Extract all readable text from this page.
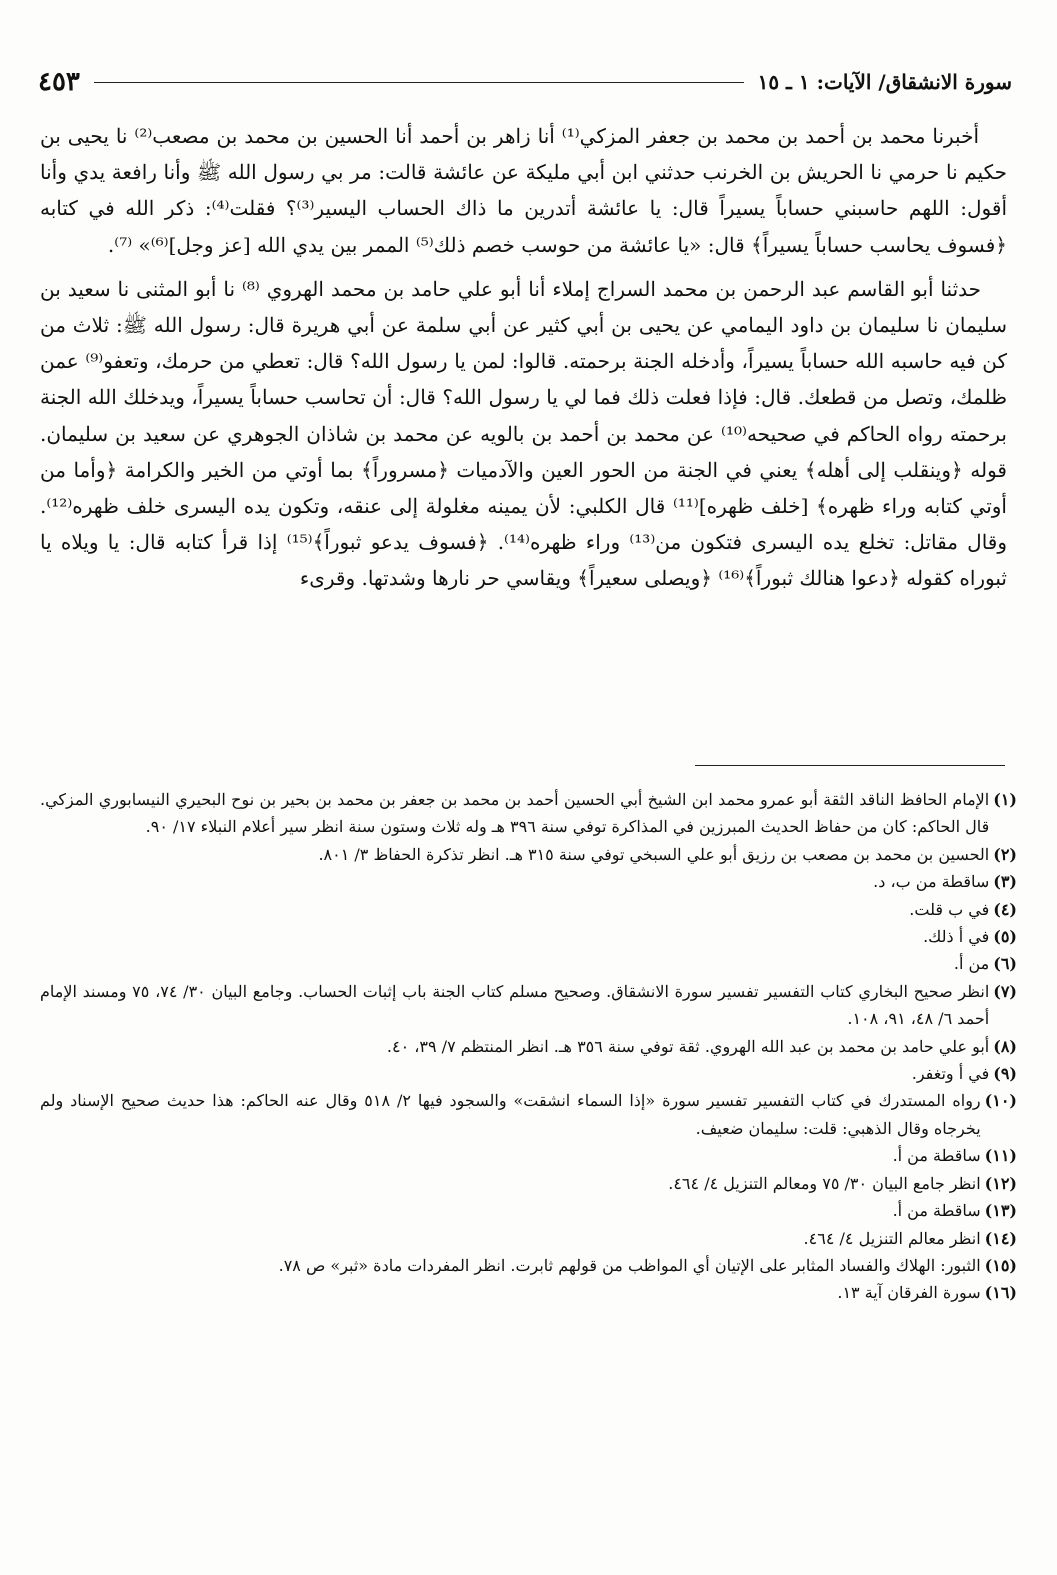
سورة الانشقاق/ الآيات: ١ ـ ١٥
٤٥٣

أخبرنا محمد بن أحمد بن محمد بن جعفر المزكي⁽¹⁾ أنا زاهر بن أحمد أنا الحسين بن محمد بن مصعب⁽²⁾ نا يحيى بن حكيم نا حرمي نا الحريش بن الخرنب حدثني ابن أبي مليكة عن عائشة قالت: مر بي رسول الله ﷺ وأنا رافعة يدي وأنا أقول: اللهم حاسبني حساباً يسيراً قال: يا عائشة أتدرين ما ذاك الحساب اليسير⁽³⁾؟ فقلت⁽⁴⁾: ذكر الله في كتابه ﴿فسوف يحاسب حساباً يسيراً﴾ قال: «يا عائشة من حوسب خصم ذلك⁽⁵⁾ الممر بين يدي الله [عز وجل]⁽⁶⁾» ⁽⁷⁾.

حدثنا أبو القاسم عبد الرحمن بن محمد السراج إملاء أنا أبو علي حامد بن محمد الهروي ⁽⁸⁾ نا أبو المثنى نا سعيد بن سليمان نا سليمان بن داود اليمامي عن يحيى بن أبي كثير عن أبي سلمة عن أبي هريرة قال: رسول الله ﷺ: ثلاث من كن فيه حاسبه الله حساباً يسيراً، وأدخله الجنة برحمته. قالوا: لمن يا رسول الله؟ قال: تعطي من حرمك، وتعفو⁽⁹⁾ عمن ظلمك، وتصل من قطعك. قال: فإذا فعلت ذلك فما لي يا رسول الله؟ قال: أن تحاسب حساباً يسيراً، ويدخلك الله الجنة برحمته رواه الحاكم في صحيحه⁽¹⁰⁾ عن محمد بن أحمد بن بالويه عن محمد بن شاذان الجوهري عن سعيد بن سليمان. قوله ﴿وينقلب إلى أهله﴾ يعني في الجنة من الحور العين والآدميات ﴿مسروراً﴾ بما أوتي من الخير والكرامة ﴿وأما من أوتي كتابه وراء ظهره﴾ [خلف ظهره]⁽¹¹⁾ قال الكلبي: لأن يمينه مغلولة إلى عنقه، وتكون يده اليسرى خلف ظهره⁽¹²⁾. وقال مقاتل: تخلع يده اليسرى فتكون من⁽¹³⁾ وراء ظهره⁽¹⁴⁾. ﴿فسوف يدعو ثبوراً﴾⁽¹⁵⁾ إذا قرأ كتابه قال: يا ويلاه يا ثبوراه كقوله ﴿دعوا هنالك ثبوراً﴾⁽¹⁶⁾ ﴿ويصلى سعيراً﴾ ويقاسي حر نارها وشدتها. وقرىء

(١)
الإمام الحافظ الناقد الثقة أبو عمرو محمد ابن الشيخ أبي الحسين أحمد بن محمد بن جعفر بن محمد بن بحير بن نوح البحيري النيسابوري المزكي. قال الحاكم: كان من حفاظ الحديث المبرزين في المذاكرة توفي سنة ٣٩٦ هـ وله ثلاث وستون سنة انظر سير أعلام النبلاء ١٧/ ٩٠.
(٢)
الحسين بن محمد بن مصعب بن رزيق أبو علي السبخي توفي سنة ٣١٥ هـ. انظر تذكرة الحفاظ ٣/ ٨٠١.
(٣)
ساقطة من ب، د.
(٤)
في ب قلت.
(٥)
في أ ذلك.
(٦)
من أ.
(٧)
انظر صحيح البخاري كتاب التفسير تفسير سورة الانشقاق. وصحيح مسلم كتاب الجنة باب إثبات الحساب. وجامع البيان ٣٠/ ٧٤، ٧٥ ومسند الإمام أحمد ٦/ ٤٨، ٩١، ١٠٨.
(٨)
أبو علي حامد بن محمد بن عبد الله الهروي. ثقة توفي سنة ٣٥٦ هـ. انظر المنتظم ٧/ ٣٩، ٤٠.
(٩)
في أ وتغفر.
(١٠)
رواه المستدرك في كتاب التفسير تفسير سورة «إذا السماء انشقت» والسجود فيها ٢/ ٥١٨ وقال عنه الحاكم: هذا حديث صحيح الإسناد ولم يخرجاه وقال الذهبي: قلت: سليمان ضعيف.
(١١)
ساقطة من أ.
(١٢)
انظر جامع البيان ٣٠/ ٧٥ ومعالم التنزيل ٤/ ٤٦٤.
(١٣)
ساقطة من أ.
(١٤)
انظر معالم التنزيل ٤/ ٤٦٤.
(١٥)
الثبور: الهلاك والفساد المثابر على الإتيان أي المواظب من قولهم ثابرت. انظر المفردات مادة «ثبر» ص ٧٨.
(١٦)
سورة الفرقان آية ١٣.
